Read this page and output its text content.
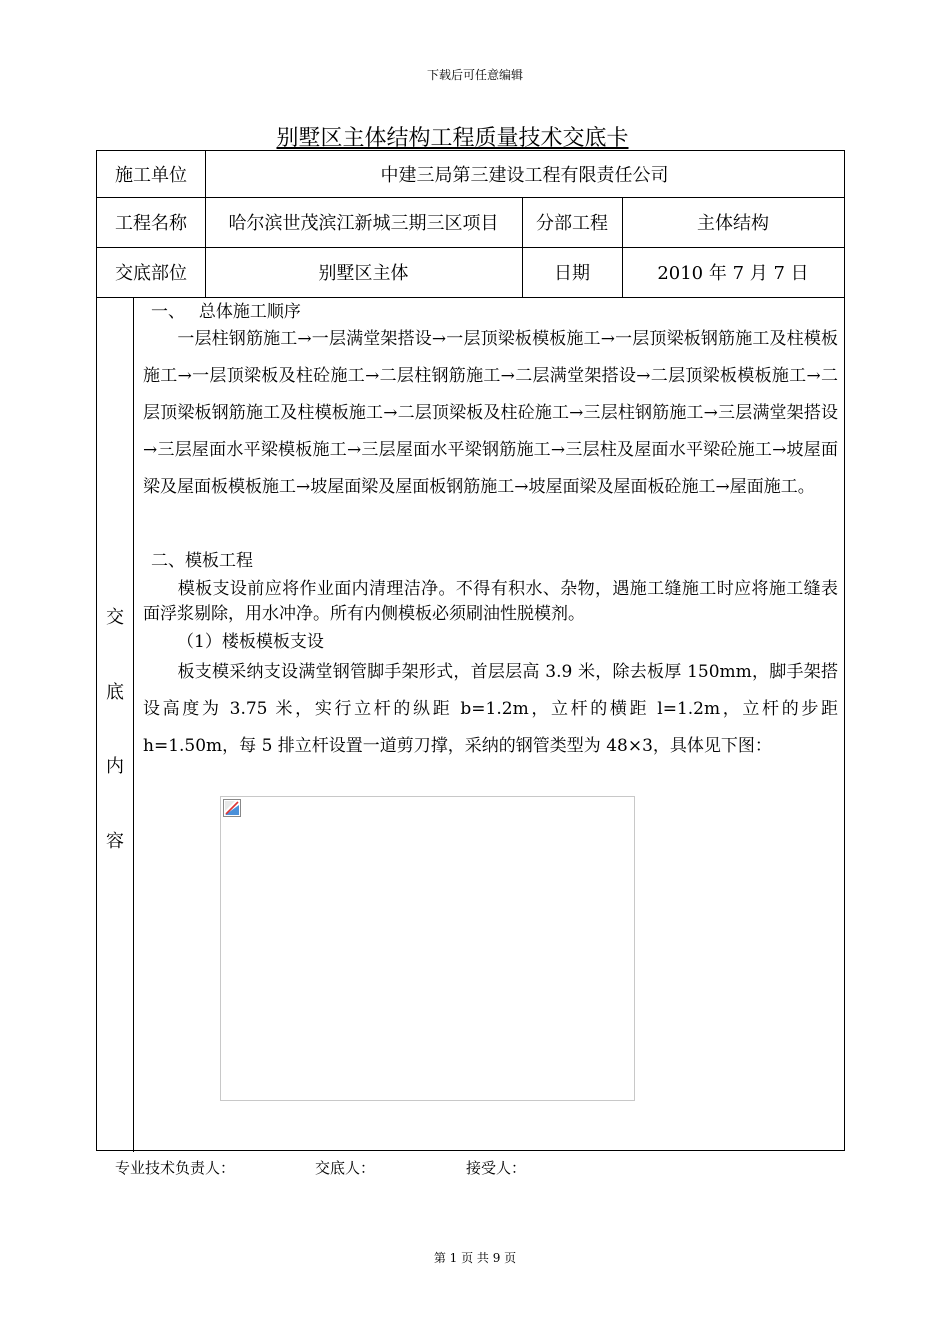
下载后可任意编辑
别墅区主体结构工程质量技术交底卡
施工单位	中建三局第三建设工程有限责任公司
工程名称	哈尔滨世茂滨江新城三期三区项目	分部工程	主体结构
交底部位	别墅区主体	日期	2010 年 7 月 7 日
交
底
内
容
一、　 总体施工顺序
　　一层柱钢筋施工→一层满堂架搭设→一层顶梁板模板施工→一层顶梁板钢筋施工及柱模板施工→一层顶梁板及柱砼施工→二层柱钢筋施工→二层满堂架搭设→二层顶梁板模板施工→二层顶梁板钢筋施工及柱模板施工→二层顶梁板及柱砼施工→三层柱钢筋施工→三层满堂架搭设→三层屋面水平梁模板施工→三层屋面水平梁钢筋施工→三层柱及屋面水平梁砼施工→坡屋面梁及屋面板模板施工→坡屋面梁及屋面板钢筋施工→坡屋面梁及屋面板砼施工→屋面施工。
二、模板工程
　　模板支设前应将作业面内清理洁净。不得有积水、杂物，遇施工缝施工时应将施工缝表面浮浆剔除，用水冲净。所有内侧模板必须刷油性脱模剂。
（1）楼板模板支设
　　板支模采纳支设满堂钢管脚手架形式，首层层高 3.9 米，除去板厚 150mm，脚手架搭设高度为 3.75 米，实行立杆的纵距 b=1.2m，立杆的横距 l=1.2m，立杆的步距 h=1.50m，每 5 排立杆设置一道剪刀撑，采纳的钢管类型为 48×3，具体见下图：
专业技术负责人：	交底人：	接受人：
第 1 页 共 9 页
